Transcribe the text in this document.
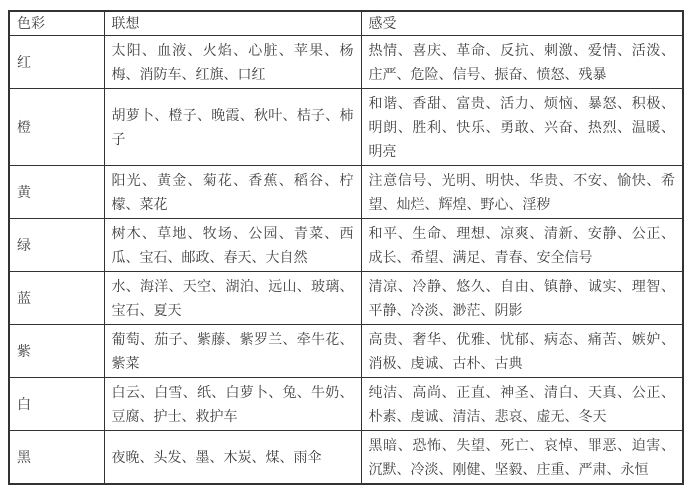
色彩	联想	感受
红	太阳、血液、火焰、心脏、苹果、杨梅、消防车、红旗、口红	热情、喜庆、革命、反抗、刺激、爱情、活泼、庄严、危险、信号、振奋、愤怒、残暴
橙	胡萝卜、橙子、晚霞、秋叶、桔子、柿子	和谐、香甜、富贵、活力、烦恼、暴怒、积极、明朗、胜利、快乐、勇敢、兴奋、热烈、温暖、明亮
黄	阳光、黄金、菊花、香蕉、稻谷、柠檬、菜花	注意信号、光明、明快、华贵、不安、愉快、希望、灿烂、辉煌、野心、淫秽
绿	树木、草地、牧场、公园、青菜、西瓜、宝石、邮政、春天、大自然	和平、生命、理想、凉爽、清新、安静、公正、成长、希望、满足、青春、安全信号
蓝	水、海洋、天空、湖泊、远山、玻璃、宝石、夏天	清凉、冷静、悠久、自由、镇静、诚实、理智、平静、冷淡、渺茫、阴影
紫	葡萄、茄子、紫藤、紫罗兰、牵牛花、紫菜	高贵、奢华、优雅、忧郁、病态、痛苦、嫉妒、消极、虔诚、古朴、古典
白	白云、白雪、纸、白萝卜、兔、牛奶、豆腐、护士、救护车	纯洁、高尚、正直、神圣、清白、天真、公正、朴素、虔诚、清洁、悲哀、虚无、冬天
黑	夜晚、头发、墨、木炭、煤、雨伞	黑暗、恐怖、失望、死亡、哀悼、罪恶、迫害、沉默、冷淡、刚健、坚毅、庄重、严肃、永恒
